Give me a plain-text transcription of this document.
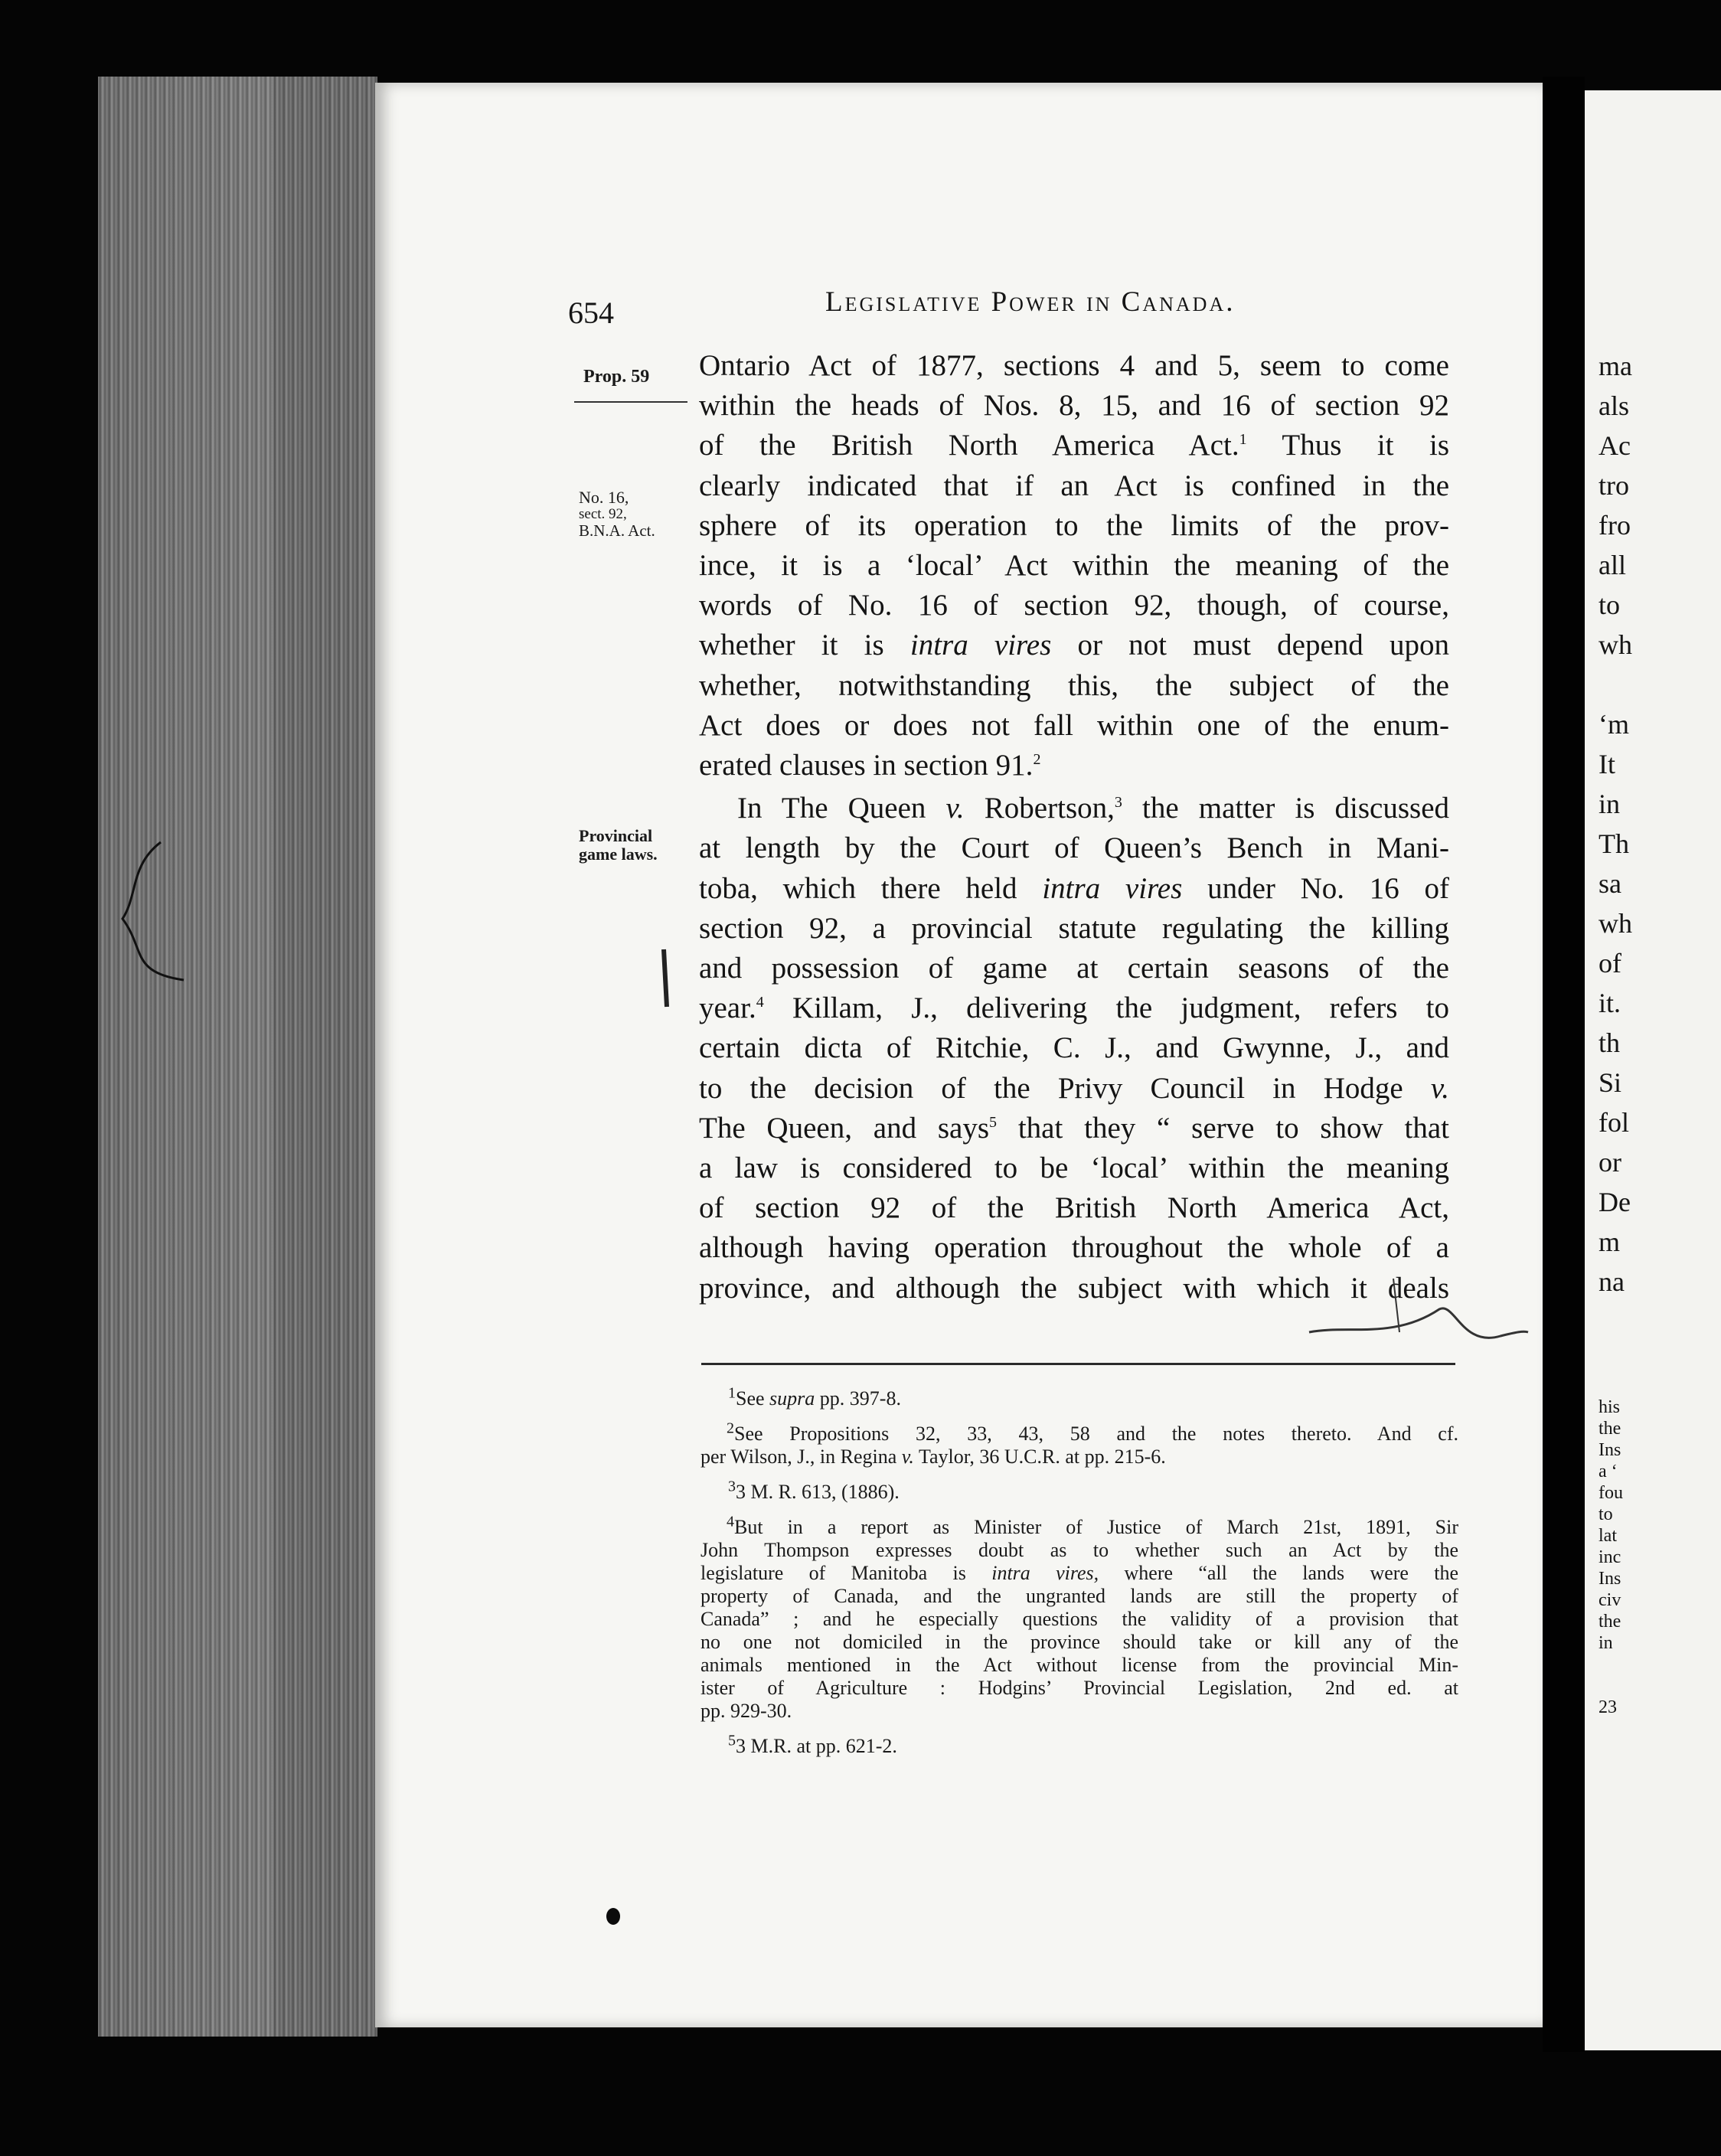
654	Legislative Power in Canada.
Prop. 59
No. 16,
sect. 92,
B.N.A. Act.
Provincial
game laws.

Ontario Act of 1877, sections 4 and 5, seem to come
within the heads of Nos. 8, 15, and 16 of section 92
of the British North America Act.$^1$ Thus it is
clearly indicated that if an Act is confined in the
sphere of its operation to the limits of the prov-
ince, it is a ‘local’ Act within the meaning of the
words of No. 16 of section 92, though, of course,
whether it is intra vires or not must depend upon
whether, notwithstanding this, the subject of the
Act does or does not fall within one of the enum-
erated clauses in section 91.$^2$

In The Queen v. Robertson,$^3$ the matter is discussed
at length by the Court of Queen’s Bench in Mani-
toba, which there held intra vires under No. 16 of
section 92, a provincial statute regulating the killing
and possession of game at certain seasons of the
year.$^4$ Killam, J., delivering the judgment, refers to
certain dicta of Ritchie, C. J., and Gwynne, J., and
to the decision of the Privy Council in Hodge v.
The Queen, and says$^5$ that they “ serve to show that
a law is considered to be ‘local’ within the meaning
of section 92 of the British North America Act,
although having operation throughout the whole of a
province, and although the subject with which it deals

$^1$See supra pp. 397-8.
$^2$See Propositions 32, 33, 43, 58 and the notes thereto. And cf.
per Wilson, J., in Regina v. Taylor, 36 U.C.R. at pp. 215-6.
$^3$3 M. R. 613, (1886).
$^4$But in a report as Minister of Justice of March 21st, 1891, Sir
John Thompson expresses doubt as to whether such an Act by the
legislature of Manitoba is intra vires, where “all the lands were the
property of Canada, and the ungranted lands are still the property of
Canada” ; and he especially questions the validity of a provision that
no one not domiciled in the province should take or kill any of the
animals mentioned in the Act without license from the provincial Min-
ister of Agriculture : Hodgins’ Provincial Legislation, 2nd ed. at
pp. 929-30.
$^5$3 M.R. at pp. 621-2.
ma
als
Ac
tro
fro
all
to
wh

‘m
It
in
Th
sa
wh
of
it.
th
Si
fol
or
De
m
na
his
the
Ins
a ‘
fou
to
lat
inc
Ins
civ
the
in

23
